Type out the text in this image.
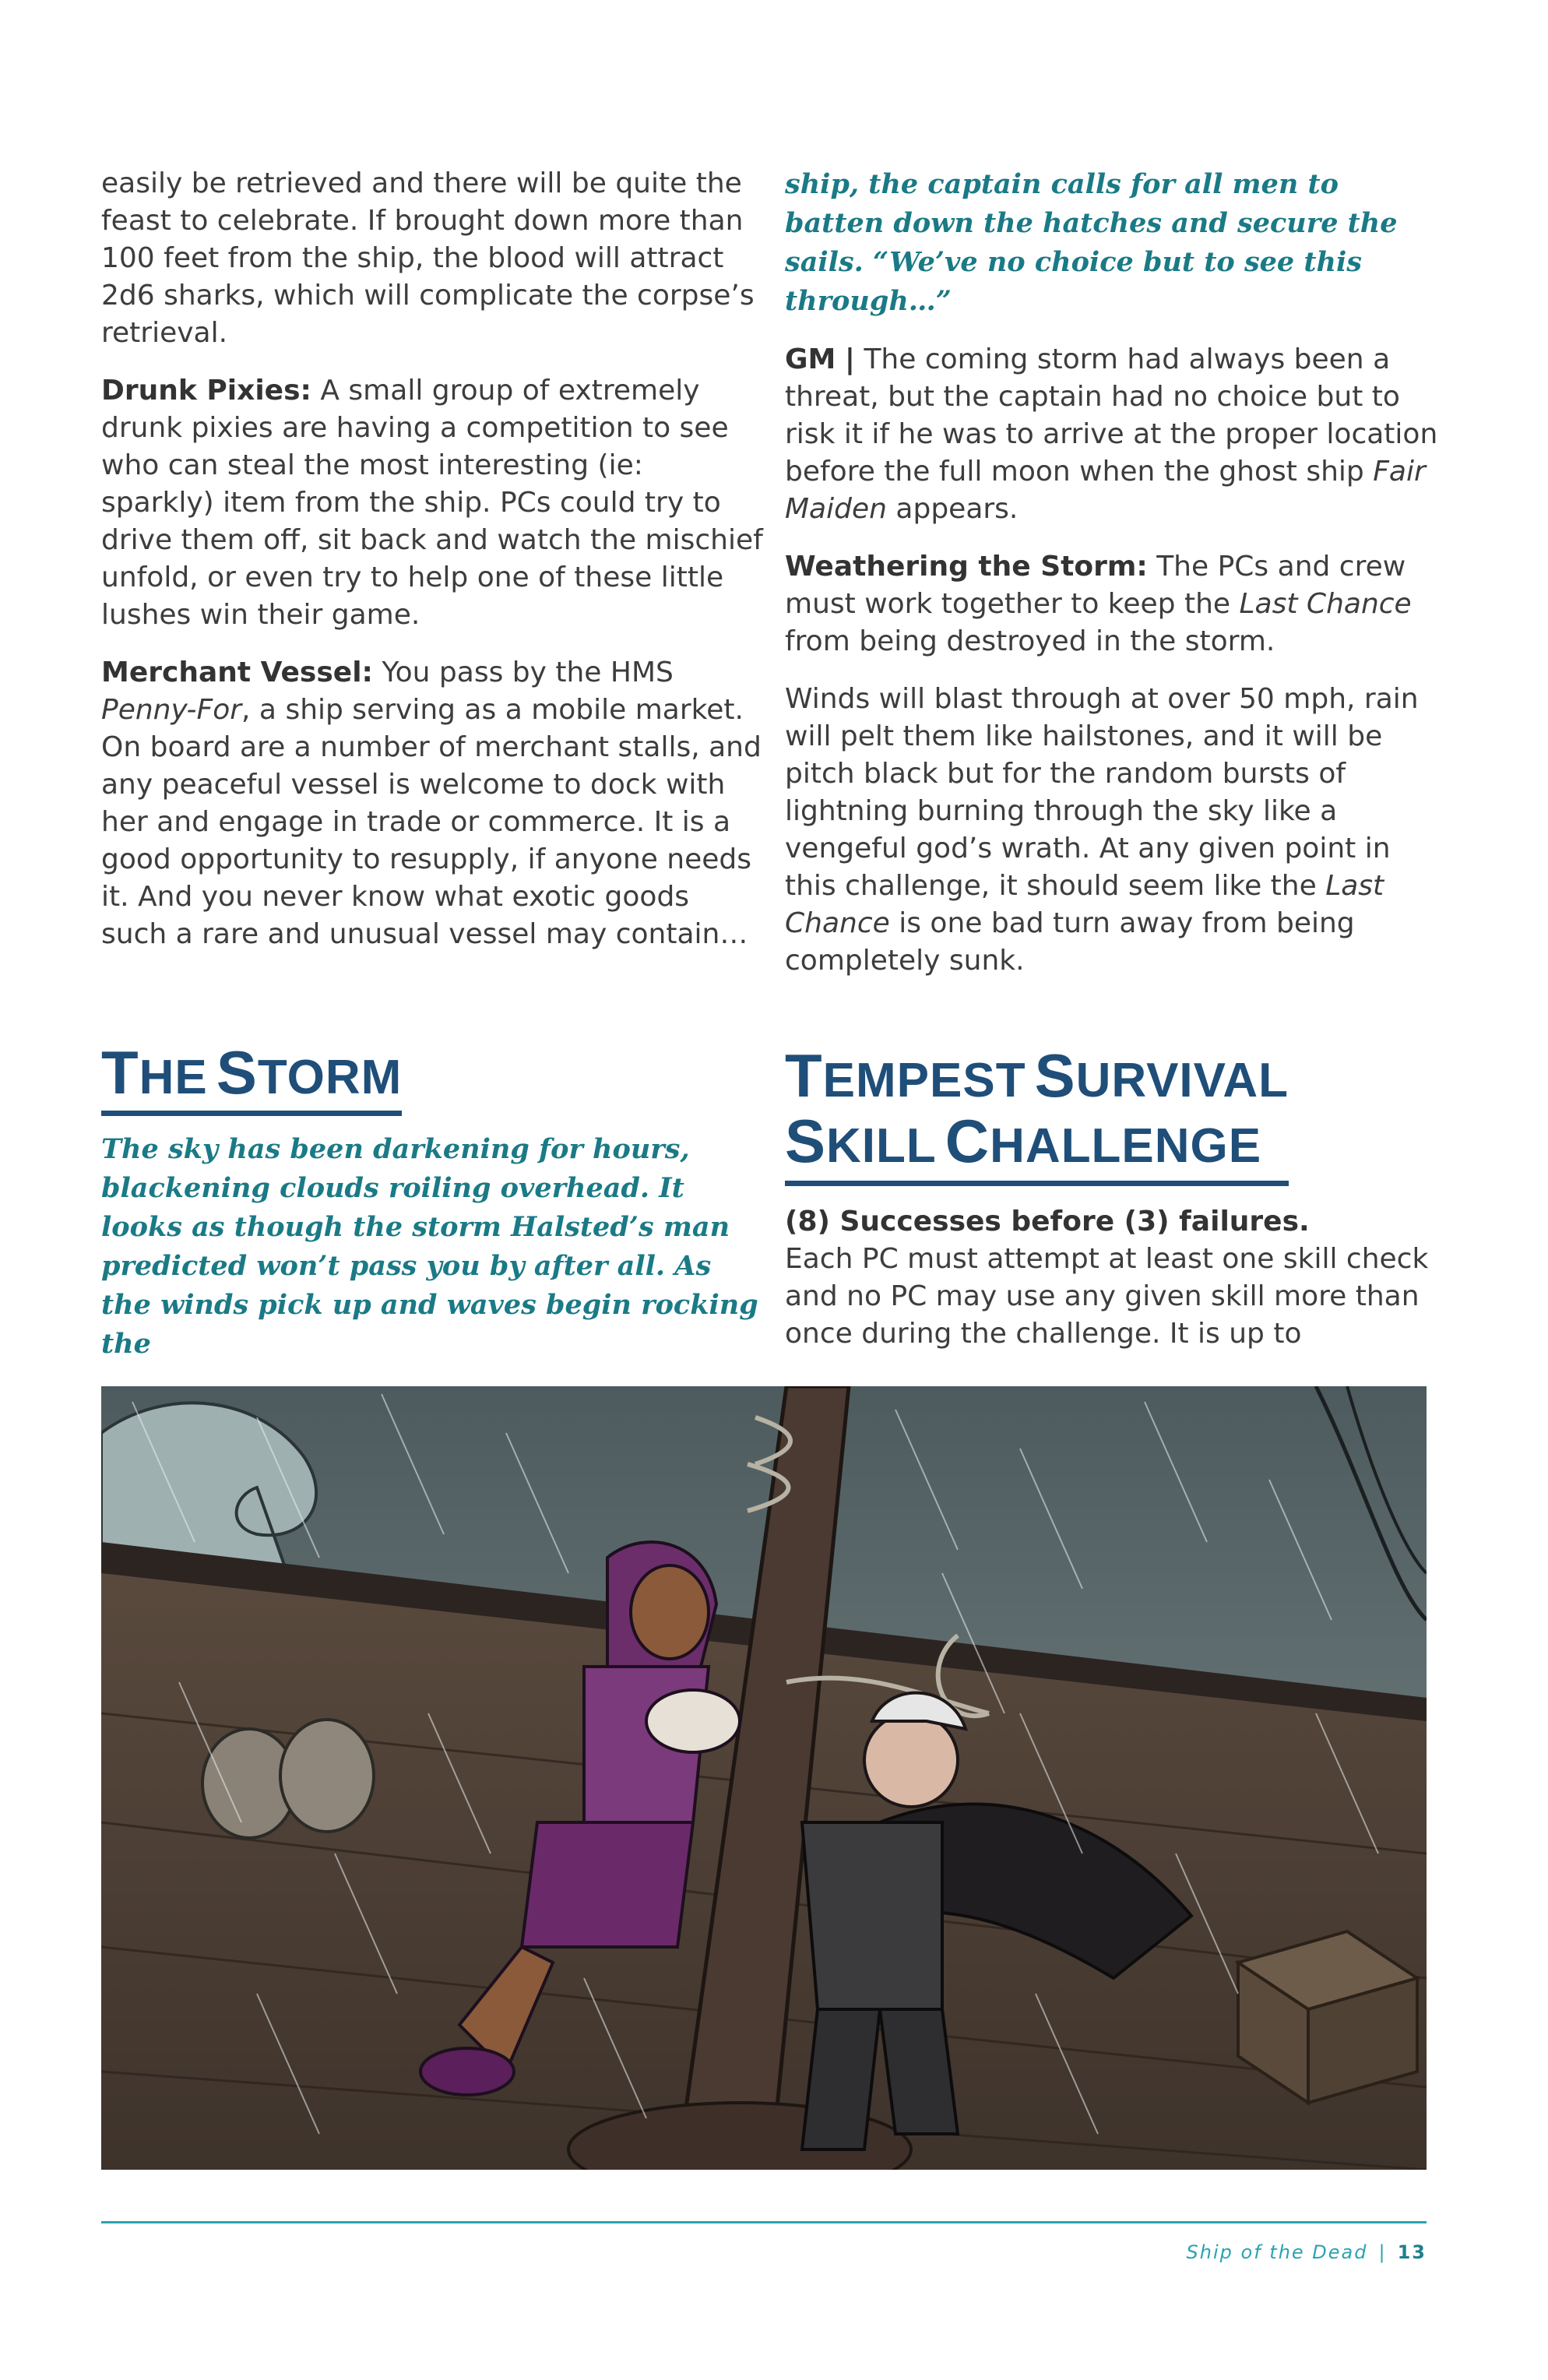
easily be retrieved and there will be quite the feast to celebrate. If brought down more than 100 feet from the ship, the blood will attract 2d6 sharks, which will complicate the corpse’s retrieval.

Drunk Pixies: A small group of extremely drunk pixies are having a competition to see who can steal the most interesting (ie: sparkly) item from the ship. PCs could try to drive them off, sit back and watch the mischief unfold, or even try to help one of these little lushes win their game.

Merchant Vessel: You pass by the HMS Penny-For, a ship serving as a mobile market. On board are a number of merchant stalls, and any peaceful vessel is welcome to dock with her and engage in trade or commerce. It is a good opportunity to resupply, if anyone needs it. And you never know what exotic goods such a rare and unusual vessel may contain…

THE STORM
The sky has been darkening for hours, blackening clouds roiling overhead. It looks as though the storm Halsted’s man predicted won’t pass you by after all. As the winds pick up and waves begin rocking the
ship, the captain calls for all men to batten down the hatches and secure the sails. “We’ve no choice but to see this through…”

GM | The coming storm had always been a threat, but the captain had no choice but to risk it if he was to arrive at the proper location before the full moon when the ghost ship Fair Maiden appears.

Weathering the Storm: The PCs and crew must work together to keep the Last Chance from being destroyed in the storm.

Winds will blast through at over 50 mph, rain will pelt them like hailstones, and it will be pitch black but for the random bursts of lightning burning through the sky like a vengeful god’s wrath. At any given point in this challenge, it should seem like the Last Chance is one bad turn away from being completely sunk.

TEMPEST SURVIVAL
SKILL CHALLENGE
(8) Successes before (3) failures.
Each PC must attempt at least one skill check and no PC may use any given skill more than once during the challenge. It is up to
Ship of the Dead | 13
